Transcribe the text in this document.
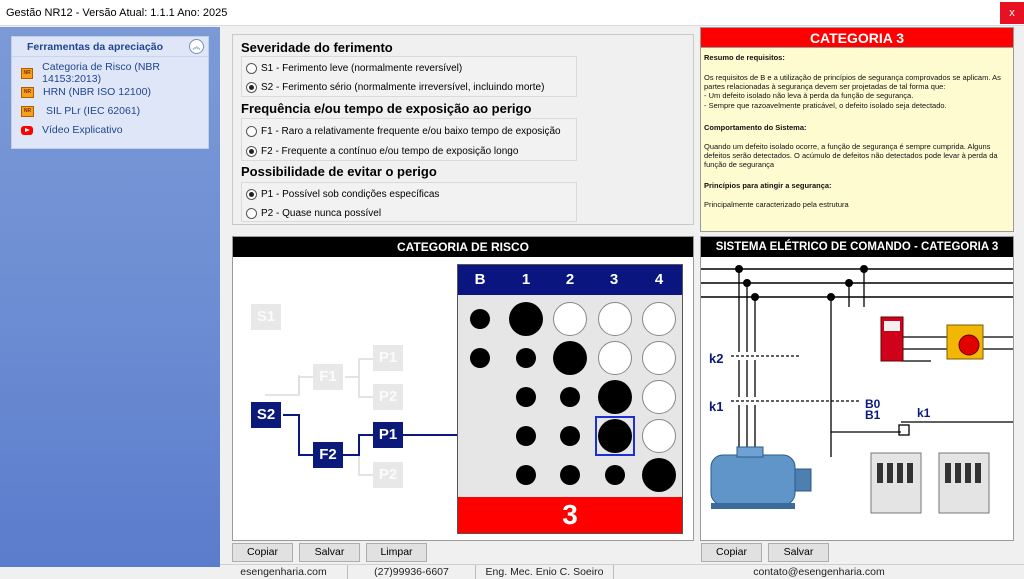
Gestão NR12 - Versão Atual: 1.1.1 Ano: 2025	x
Ferramentas da apreciação	︽
NR Categoria de Risco (NBR 14153:2013)
NR HRN (NBR ISO 12100)
NR SIL PLr (IEC 62061)
Vídeo Explicativo
Severidade do ferimento
S1 - Ferimento leve (normalmente reversível)
S2 - Ferimento sério (normalmente irreversível, incluindo morte)
Frequência e/ou tempo de exposição ao perigo
F1 - Raro a relativamente frequente e/ou baixo tempo de exposição
F2 - Frequente a contínuo e/ou tempo de exposição longo
Possibilidade de evitar o perigo
P1 - Possível sob condições específicas
P2 - Quase nunca possível
CATEGORIA 3

Resumo de requisitos:

Os requisitos de B e a utilização de princípios de segurança comprovados se aplicam. As partes relacionadas à segurança devem ser projetadas de tal forma que:

- Um defeito isolado não leva à perda da função de segurança.

- Sempre que razoavelmente praticável, o defeito isolado seja detectado.

Comportamento do Sistema:

Quando um defeito isolado ocorre, a função de segurança é sempre cumprida. Alguns defeitos serão detectados. O acúmulo de defeitos não detectados pode levar à perda da função de segurança

Princípios para atingir a segurança:

Principalmente caracterizado pela estrutura

CATEGORIA DE RISCO
S1
S2
F1
F2
P1
P2
P1
P2
B	1	2	3	4
3
SISTEMA ELÉTRICO DE COMANDO - CATEGORIA 3
k2
k1	B0
B1	k1
Copiar	Salvar	Limpar	Copiar	Salvar
esengenharia.com	(27)99936-6607	Eng. Mec. Enio C. Soeiro	contato@esengenharia.com
